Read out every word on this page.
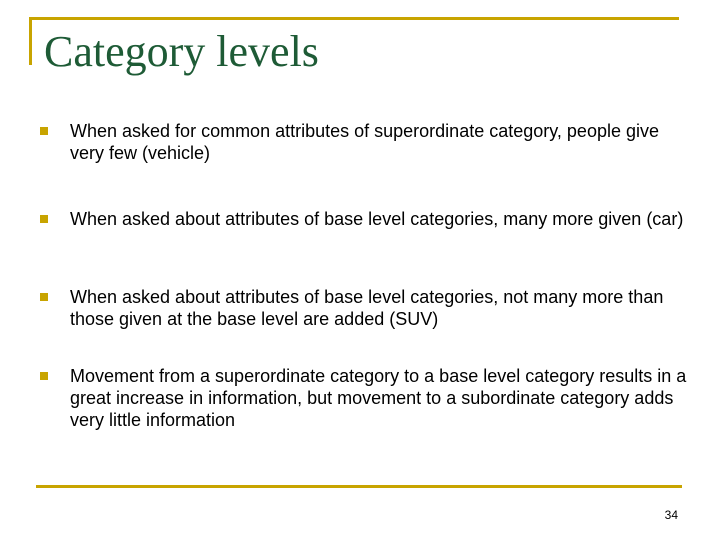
Category levels
When asked for common attributes of superordinate category, people give very few (vehicle)
When asked about attributes of base level categories, many more given (car)
When asked about attributes of base level categories, not many more than those given at the base level are added (SUV)
Movement from a superordinate category to a base level category results in a great increase in information, but movement to a subordinate category adds very little information
34
